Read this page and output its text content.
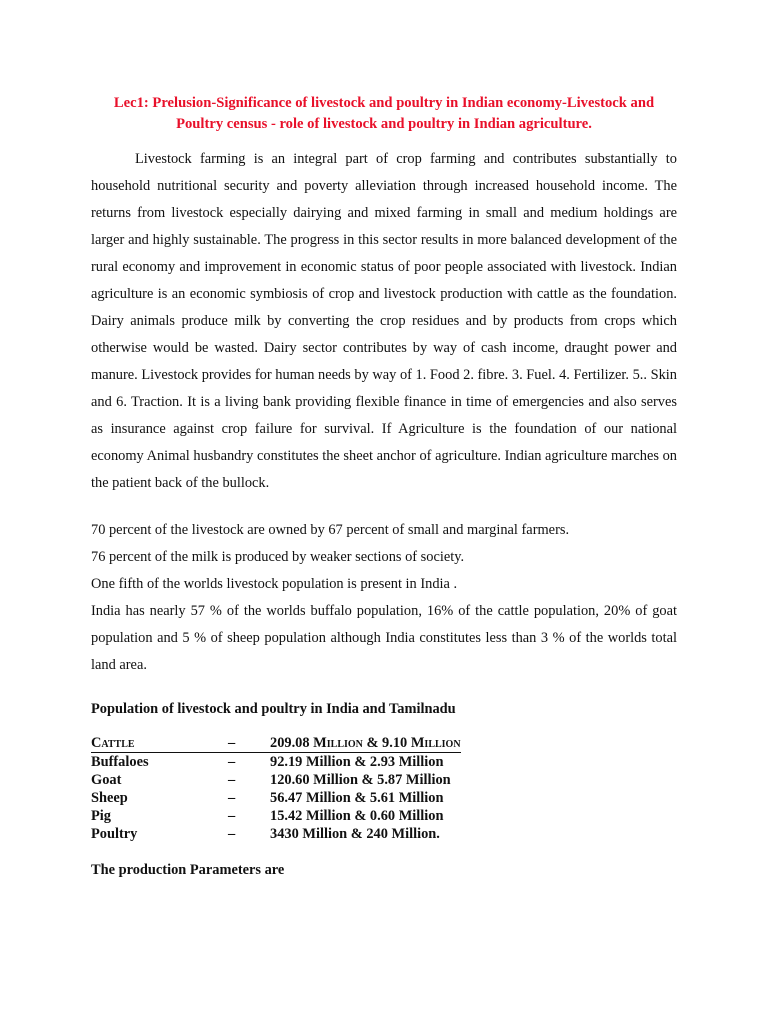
Lec1: Prelusion-Significance of livestock and poultry in Indian economy-Livestock and
Poultry census - role of livestock and poultry in Indian agriculture.

Livestock farming is an integral part of crop farming and contributes substantially to household nutritional security and poverty alleviation through increased household income. The returns from livestock especially dairying and mixed farming in small and medium holdings are larger and highly sustainable. The progress in this sector results in more balanced development of the rural economy and improvement in economic status of poor people associated with livestock. Indian agriculture is an economic symbiosis of crop and livestock production with cattle as the foundation. Dairy animals produce milk by converting the crop residues and by products from crops which otherwise would be wasted. Dairy sector contributes by way of cash income, draught power and manure. Livestock provides for human needs by way of 1. Food 2. fibre. 3. Fuel. 4. Fertilizer. 5.. Skin and 6. Traction. It is a living bank providing flexible finance in time of emergencies and also serves as insurance against crop failure for survival. If Agriculture is the foundation of our national economy Animal husbandry constitutes the sheet anchor of agriculture. Indian agriculture marches on the patient back of the bullock.

70 percent of the livestock are owned by 67 percent of small and marginal farmers.
76 percent of the milk is produced by weaker sections of society.
One fifth of the worlds livestock population is present in India .
India has nearly 57 % of the worlds buffalo population, 16% of the cattle population, 20% of goat population and 5 % of sheep population although India constitutes less than 3 % of the worlds total land area.
Population of livestock and poultry in India and Tamilnadu
Cattle	–	209.08 Million & 9.10 Million
Buffaloes	–	92.19 Million & 2.93 Million
Goat	–	120.60 Million & 5.87 Million
Sheep	–	56.47 Million & 5.61 Million
Pig	–	15.42 Million & 0.60 Million
Poultry	–	3430 Million & 240 Million.

The production Parameters are
